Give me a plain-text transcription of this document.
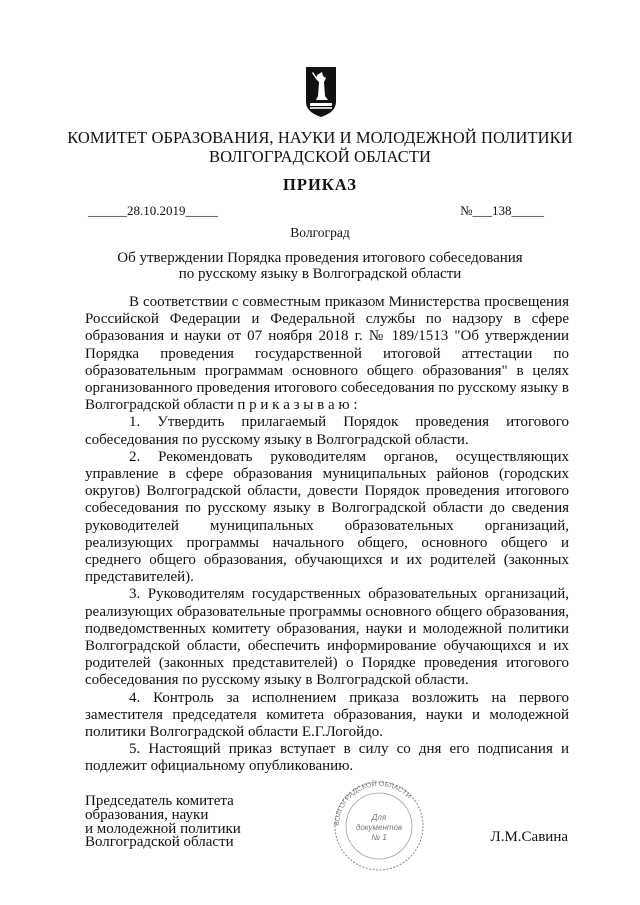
КОМИТЕТ ОБРАЗОВАНИЯ, НАУКИ И МОЛОДЕЖНОЙ ПОЛИТИКИ
ВОЛГОГРАДСКОЙ ОБЛАСТИ
ПРИКАЗ
______28.10.2019_____	№___138_____
Волгоград
Об утверждении Порядка проведения итогового собеседования
по русскому языку в Волгоградской области

В соответствии с совместным приказом Министерства просвещения Российской Федерации и Федеральной службы по надзору в сфере образования и науки от 07 ноября 2018 г. № 189/1513 "Об утверждении Порядка проведения государственной итоговой аттестации по образовательным программам основного общего образования" в целях организованного проведения итогового собеседования по русскому языку в Волгоградской области п р и к а з ы в а ю :

1. Утвердить прилагаемый Порядок проведения итогового собеседования по русскому языку в Волгоградской области.

2. Рекомендовать руководителям органов, осуществляющих управление в сфере образования муниципальных районов (городских округов) Волгоградской области, довести Порядок проведения итогового собеседования по русскому языку в Волгоградской области до сведения руководителей муниципальных образовательных организаций, реализующих программы начального общего, основного общего и среднего общего образования, обучающихся и их родителей (законных представителей).

3. Руководителям государственных образовательных организаций, реализующих образовательные программы основного общего образования, подведомственных комитету образования, науки и молодежной политики Волгоградской области, обеспечить информирование обучающихся и их родителей (законных представителей) о Порядке проведения итогового собеседования по русскому языку в Волгоградской области.

4. Контроль за исполнением приказа возложить на первого заместителя председателя комитета образования, науки и молодежной политики Волгоградской области Е.Г.Логойдо.

5. Настоящий приказ вступает в силу со дня его подписания и подлежит официальному опубликованию.

Председатель комитета
образования, науки
и молодежной политики
Волгоградской области
ВОЛГОГРАДСКОЙ ОБЛАСТИ
Для
документов
№ 1	Л.М.Савина
